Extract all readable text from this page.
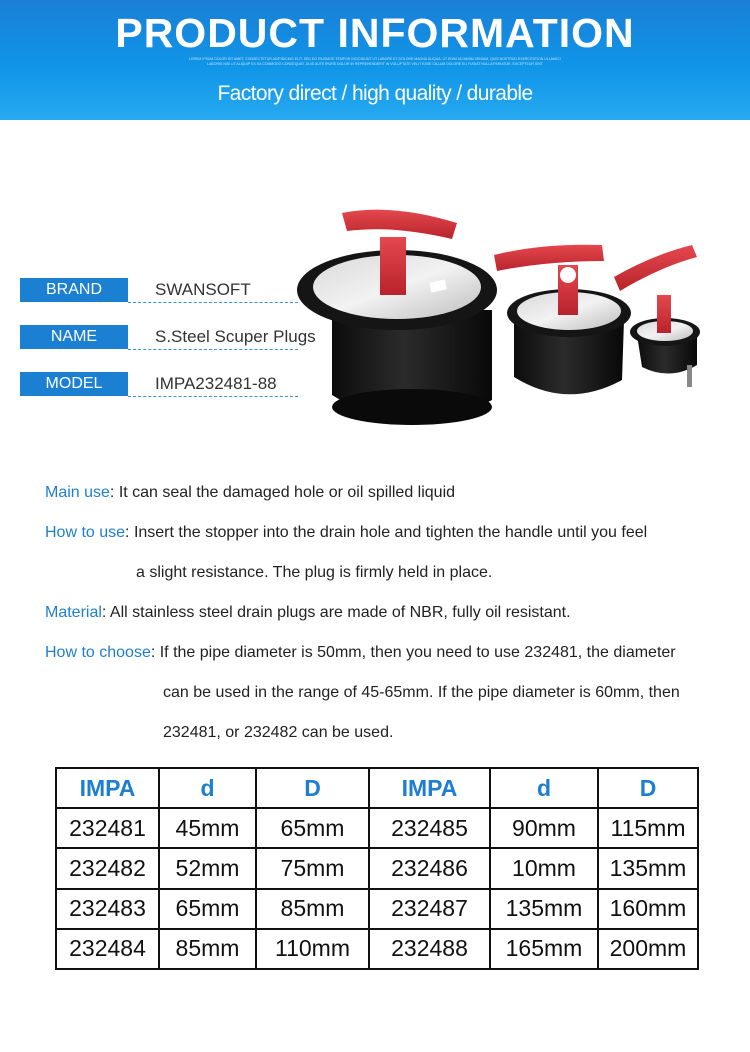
PRODUCT INFORMATION
LOREM IPSUM DOLOR SIT AMET, CONSECTETUR ADIPISICING ELIT, SED DO EIUSMOD TEMPOR INCIDIDUNT UT LABORE ET DOLORE MAGNA ALIQUA. UT ENIM AD MINIM VENIAM, QUIS NOSTRUD EXERCITATION ULLAMCO LABORIS NISI UT ALIQUIP EX EA COMMODO CONSEQUAT. DUIS AUTE IRURE DOLOR IN REPREHENDERIT IN VOLUPTATE VELIT ESSE CILLUM DOLORE EU FUGIAT NULLA PARIATUR. EXCEPTEUR SINT
Factory direct / high quality / durable
BRAND	SWANSOFT
NAME	S.Steel Scuper Plugs
MODEL	IMPA232481-88
Main use: It can seal the damaged hole or oil spilled liquid
How to use: Insert the stopper into the drain hole and tighten the handle until you feel
a slight resistance. The plug is firmly held in place.
Material: All stainless steel drain plugs are made of NBR, fully oil resistant.
How to choose: If the pipe diameter is 50mm, then you need to use 232481, the diameter
can be used in the range of 45-65mm. If the pipe diameter is 60mm, then
232481, or 232482 can be used.
IMPA	d	D	IMPA	d	D
232481	45mm	65mm	232485	90mm	115mm
232482	52mm	75mm	232486	10mm	135mm
232483	65mm	85mm	232487	135mm	160mm
232484	85mm	110mm	232488	165mm	200mm
